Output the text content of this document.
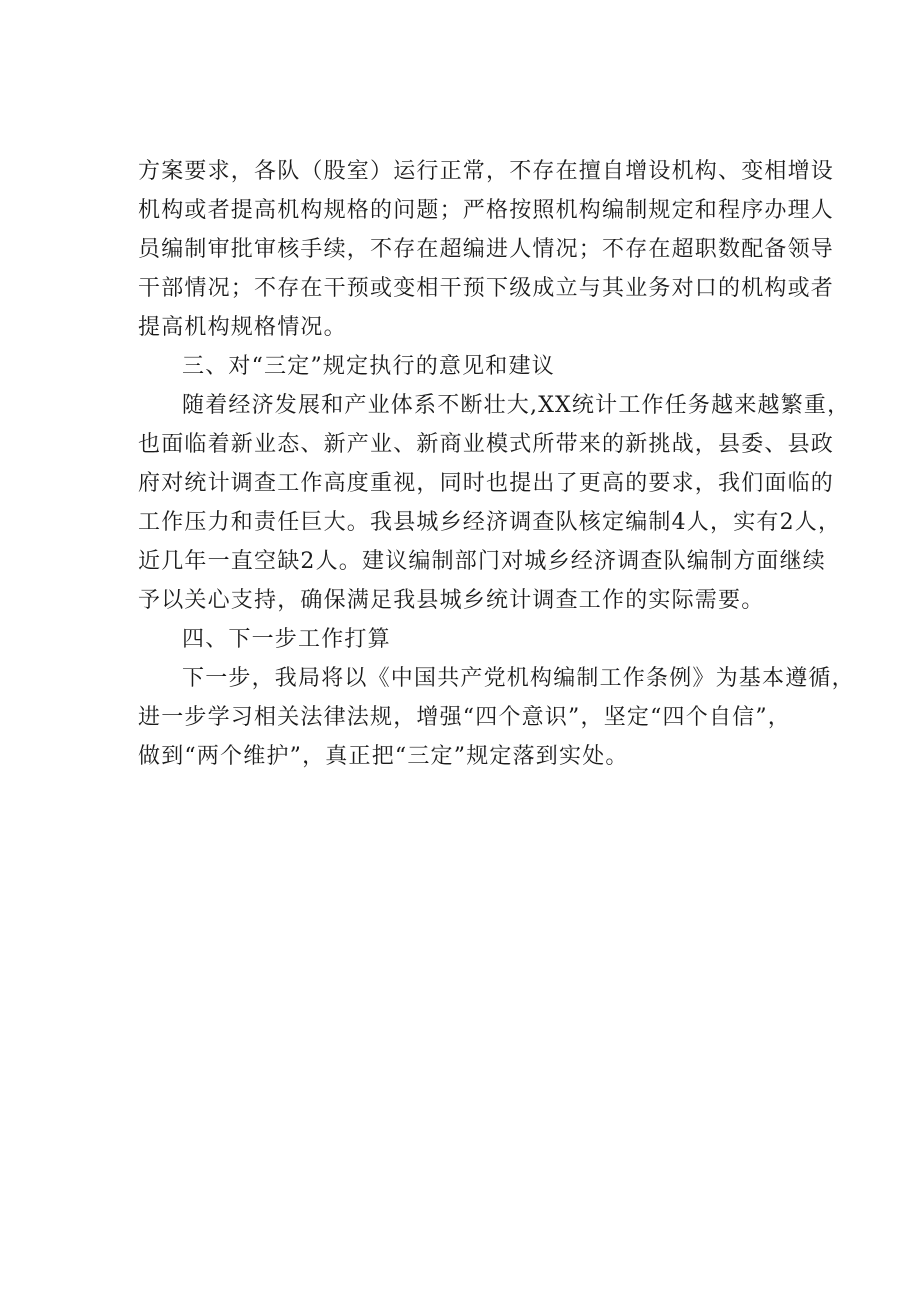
方案要求，各队（股室）运行正常，不存在擅自增设机构、变相增设
机构或者提高机构规格的问题；严格按照机构编制规定和程序办理人
员编制审批审核手续，不存在超编进人情况；不存在超职数配备领导
干部情况；不存在干预或变相干预下级成立与其业务对口的机构或者
提高机构规格情况。
三、对“三定”规定执行的意见和建议
随着经济发展和产业体系不断壮大,XX统计工作任务越来越繁重，
也面临着新业态、新产业、新商业模式所带来的新挑战，县委、县政
府对统计调查工作高度重视，同时也提出了更高的要求，我们面临的
工作压力和责任巨大。我县城乡经济调查队核定编制4人，实有2人，
近几年一直空缺2人。建议编制部门对城乡经济调查队编制方面继续
予以关心支持，确保满足我县城乡统计调查工作的实际需要。
四、下一步工作打算
下一步，我局将以《中国共产党机构编制工作条例》为基本遵循，
进一步学习相关法律法规，增强“四个意识”，坚定“四个自信”，
做到“两个维护”，真正把“三定”规定落到实处。
